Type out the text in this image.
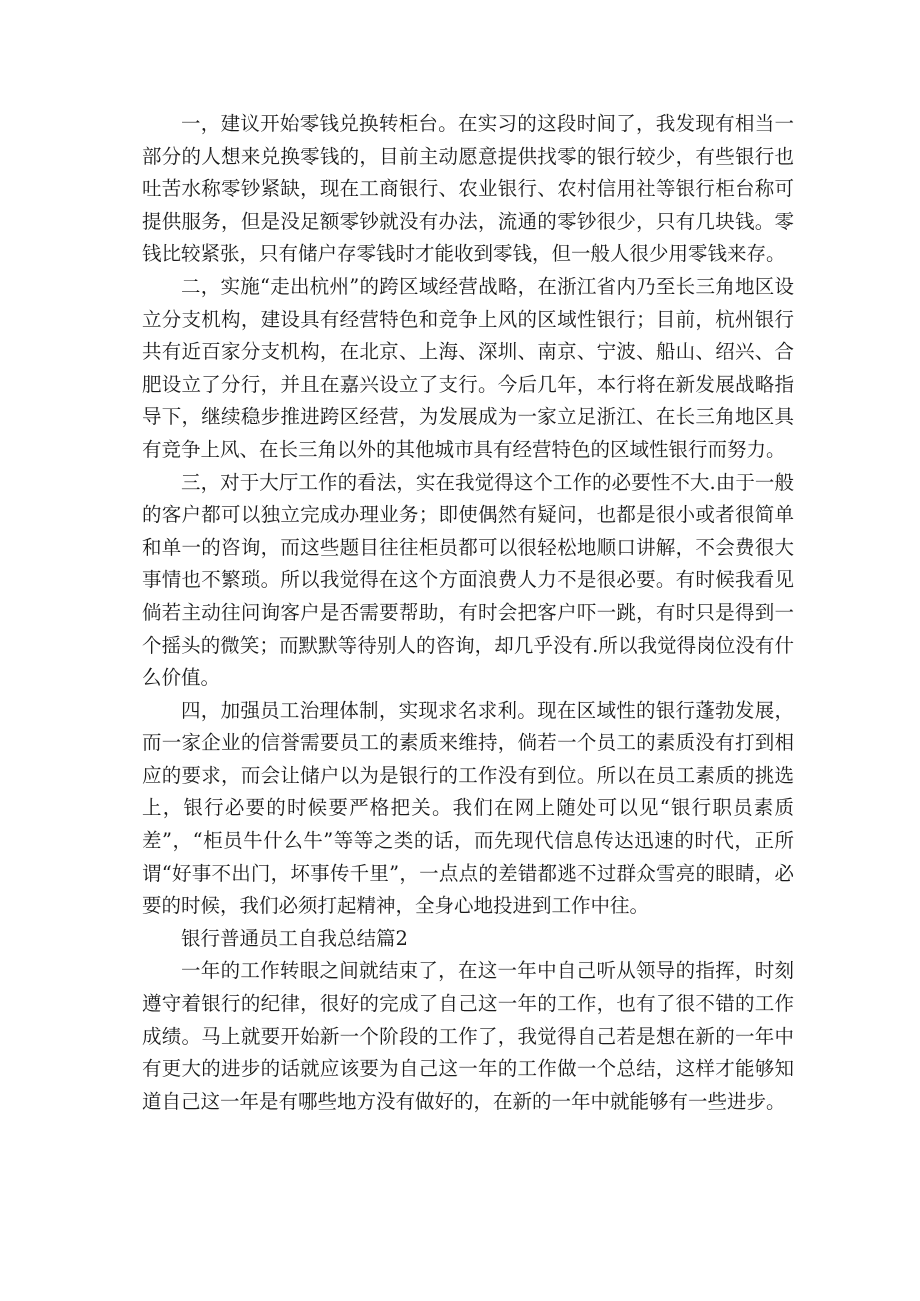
一，建议开始零钱兑换转柜台。在实习的这段时间了，我发现有相当一部分的人想来兑换零钱的，目前主动愿意提供找零的银行较少，有些银行也吐苦水称零钞紧缺，现在工商银行、农业银行、农村信用社等银行柜台称可提供服务，但是没足额零钞就没有办法，流通的零钞很少，只有几块钱。零钱比较紧张，只有储户存零钱时才能收到零钱，但一般人很少用零钱来存。

二，实施“走出杭州”的跨区域经营战略，在浙江省内乃至长三角地区设立分支机构，建设具有经营特色和竞争上风的区域性银行；目前，杭州银行共有近百家分支机构，在北京、上海、深圳、南京、宁波、船山、绍兴、合肥设立了分行，并且在嘉兴设立了支行。今后几年，本行将在新发展战略指导下，继续稳步推进跨区经营，为发展成为一家立足浙江、在长三角地区具有竞争上风、在长三角以外的其他城市具有经营特色的区域性银行而努力。

三，对于大厅工作的看法，实在我觉得这个工作的必要性不大.由于一般的客户都可以独立完成办理业务；即使偶然有疑问，也都是很小或者很简单和单一的咨询，而这些题目往往柜员都可以很轻松地顺口讲解，不会费很大事情也不繁琐。所以我觉得在这个方面浪费人力不是很必要。有时候我看见倘若主动往问询客户是否需要帮助，有时会把客户吓一跳，有时只是得到一个摇头的微笑；而默默等待别人的咨询，却几乎没有.所以我觉得岗位没有什么价值。

四，加强员工治理体制，实现求名求利。现在区域性的银行蓬勃发展，而一家企业的信誉需要员工的素质来维持，倘若一个员工的素质没有打到相应的要求，而会让储户以为是银行的工作没有到位。所以在员工素质的挑选上，银行必要的时候要严格把关。我们在网上随处可以见“银行职员素质差”，“柜员牛什么牛”等等之类的话，而先现代信息传达迅速的时代，正所谓“好事不出门，坏事传千里”，一点点的差错都逃不过群众雪亮的眼睛，必要的时候，我们必须打起精神，全身心地投进到工作中往。

银行普通员工自我总结篇2

一年的工作转眼之间就结束了，在这一年中自己听从领导的指挥，时刻遵守着银行的纪律，很好的完成了自己这一年的工作，也有了很不错的工作成绩。马上就要开始新一个阶段的工作了，我觉得自己若是想在新的一年中有更大的进步的话就应该要为自己这一年的工作做一个总结，这样才能够知道自己这一年是有哪些地方没有做好的，在新的一年中就能够有一些进步。
